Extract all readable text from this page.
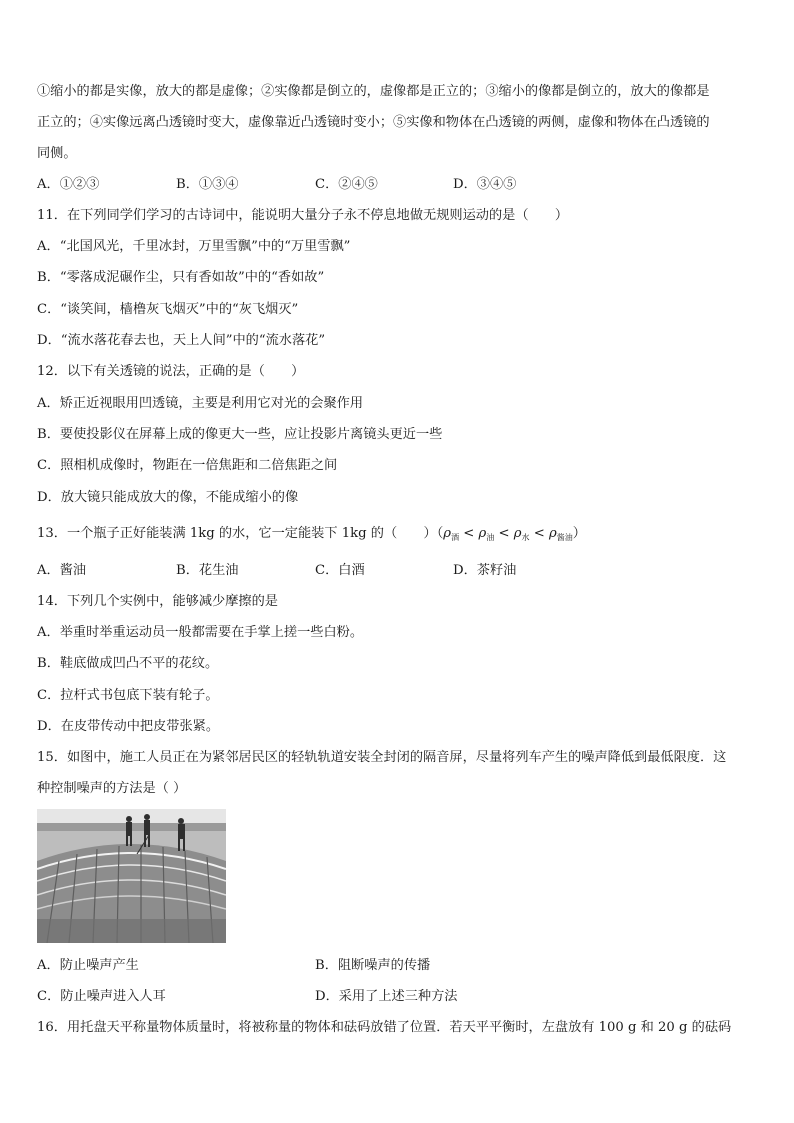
①缩小的都是实像，放大的都是虚像；②实像都是倒立的，虚像都是正立的；③缩小的像都是倒立的，放大的像都是
正立的；④实像远离凸透镜时变大，虚像靠近凸透镜时变小；⑤实像和物体在凸透镜的两侧，虚像和物体在凸透镜的
同侧。
A．①②③	B．①③④	C．②④⑤	D．③④⑤
11．在下列同学们学习的古诗词中，能说明大量分子永不停息地做无规则运动的是（　　）
A．“北国风光，千里冰封，万里雪飘”中的“万里雪飘”
B．“零落成泥碾作尘，只有香如故”中的“香如故”
C．“谈笑间，樯橹灰飞烟灭”中的“灰飞烟灭”
D．“流水落花春去也，天上人间”中的“流水落花”
12．以下有关透镜的说法，正确的是（　　）
A．矫正近视眼用凹透镜，主要是利用它对光的会聚作用
B．要使投影仪在屏幕上成的像更大一些，应让投影片离镜头更近一些
C．照相机成像时，物距在一倍焦距和二倍焦距之间
D．放大镜只能成放大的像，不能成缩小的像
13．一个瓶子正好能装满 1kg 的水，它一定能装下 1kg 的（　　）$(\rho_酒 < \rho_油 < \rho_水 < \rho_{酱油})$
A．酱油	B．花生油	C．白酒	D．茶籽油
14．下列几个实例中，能够减少摩擦的是
A．举重时举重运动员一般都需要在手掌上搓一些白粉。
B．鞋底做成凹凸不平的花纹。
C．拉杆式书包底下装有轮子。
D．在皮带传动中把皮带张紧。
15．如图中，施工人员正在为紧邻居民区的轻轨轨道安装全封闭的隔音屏，尽量将列车产生的噪声降低到最低限度．这
种控制噪声的方法是（ ）
A．防止噪声产生	B．阻断噪声的传播
C．防止噪声进入人耳	D．采用了上述三种方法
16．用托盘天平称量物体质量时，将被称量的物体和砝码放错了位置．若天平平衡时，左盘放有 100 g 和 20 g 的砝码
